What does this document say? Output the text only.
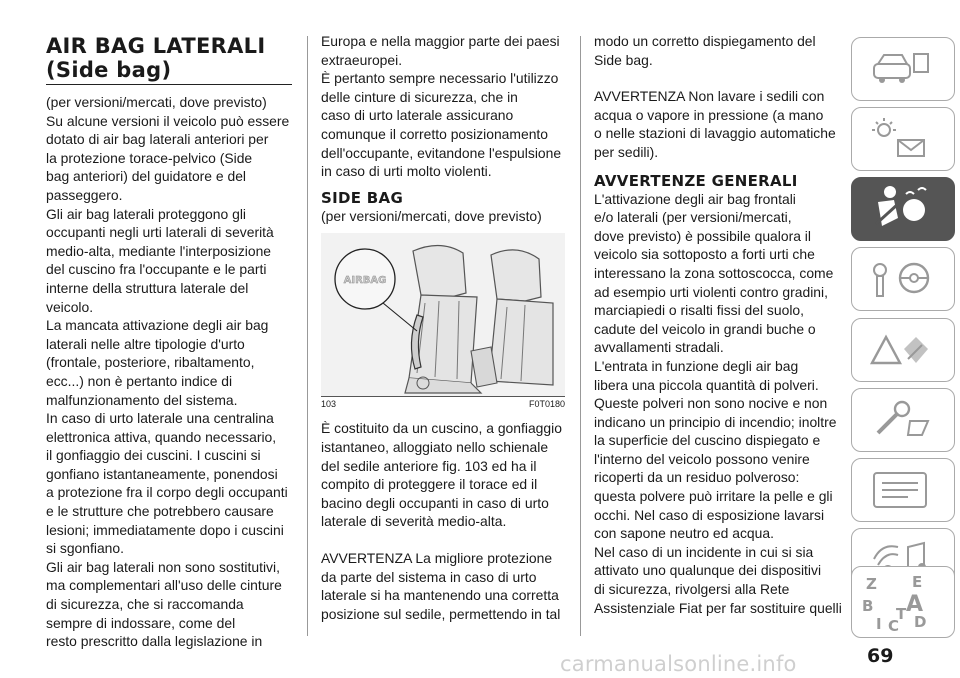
AIR BAG LATERALI
(Side bag)

(per versioni/mercati, dove previsto)

Su alcune versioni il veicolo può essere

dotato di air bag laterali anteriori per

la protezione torace-pelvico (Side

bag anteriori) del guidatore e del

passeggero.

Gli air bag laterali proteggono gli

occupanti negli urti laterali di severità

medio-alta, mediante l'interposizione

del cuscino fra l'occupante e le parti

interne della struttura laterale del

veicolo.

La mancata attivazione degli air bag

laterali nelle altre tipologie d'urto

(frontale, posteriore, ribaltamento,

ecc...) non è pertanto indice di

malfunzionamento del sistema.

In caso di urto laterale una centralina

elettronica attiva, quando necessario,

il gonfiaggio dei cuscini. I cuscini si

gonfiano istantaneamente, ponendosi

a protezione fra il corpo degli occupanti

e le strutture che potrebbero causare

lesioni; immediatamente dopo i cuscini

si sgonfiano.

Gli air bag laterali non sono sostitutivi,

ma complementari all'uso delle cinture

di sicurezza, che si raccomanda

sempre di indossare, come del

resto prescritto dalla legislazione in

Europa e nella maggior parte dei paesi

extraeuropei.

È pertanto sempre necessario l'utilizzo

delle cinture di sicurezza, che in

caso di urto laterale assicurano

comunque il corretto posizionamento

dell'occupante, evitandone l'espulsione

in caso di urti molto violenti.

SIDE BAG

(per versioni/mercati, dove previsto)

AIRBAG
103	F0T0180

È costituito da un cuscino, a gonfiaggio

istantaneo, alloggiato nello schienale

del sedile anteriore fig. 103 ed ha il

compito di proteggere il torace ed il

bacino degli occupanti in caso di urto

laterale di severità medio-alta.

AVVERTENZA La migliore protezione

da parte del sistema in caso di urto

laterale si ha mantenendo una corretta

posizione sul sedile, permettendo in tal

modo un corretto dispiegamento del

Side bag.

AVVERTENZA Non lavare i sedili con

acqua o vapore in pressione (a mano

o nelle stazioni di lavaggio automatiche

per sedili).

AVVERTENZE GENERALI

L'attivazione degli air bag frontali

e/o laterali (per versioni/mercati,

dove previsto) è possibile qualora il

veicolo sia sottoposto a forti urti che

interessano la zona sottoscocca, come

ad esempio urti violenti contro gradini,

marciapiedi o risalti fissi del suolo,

cadute del veicolo in grandi buche o

avvallamenti stradali.

L'entrata in funzione degli air bag

libera una piccola quantità di polveri.

Queste polveri non sono nocive e non

indicano un principio di incendio; inoltre

la superficie del cuscino dispiegato e

l'interno del veicolo possono venire

ricoperti da un residuo polveroso:

questa polvere può irritare la pelle e gli

occhi. Nel caso di esposizione lavarsi

con sapone neutro ed acqua.

Nel caso di un incidente in cui si sia

attivato uno qualunque dei dispositivi

di sicurezza, rivolgersi alla Rete

Assistenziale Fiat per far sostituire quelli

Z E
A
B
C D
I
T
69
carmanualsonline.info
